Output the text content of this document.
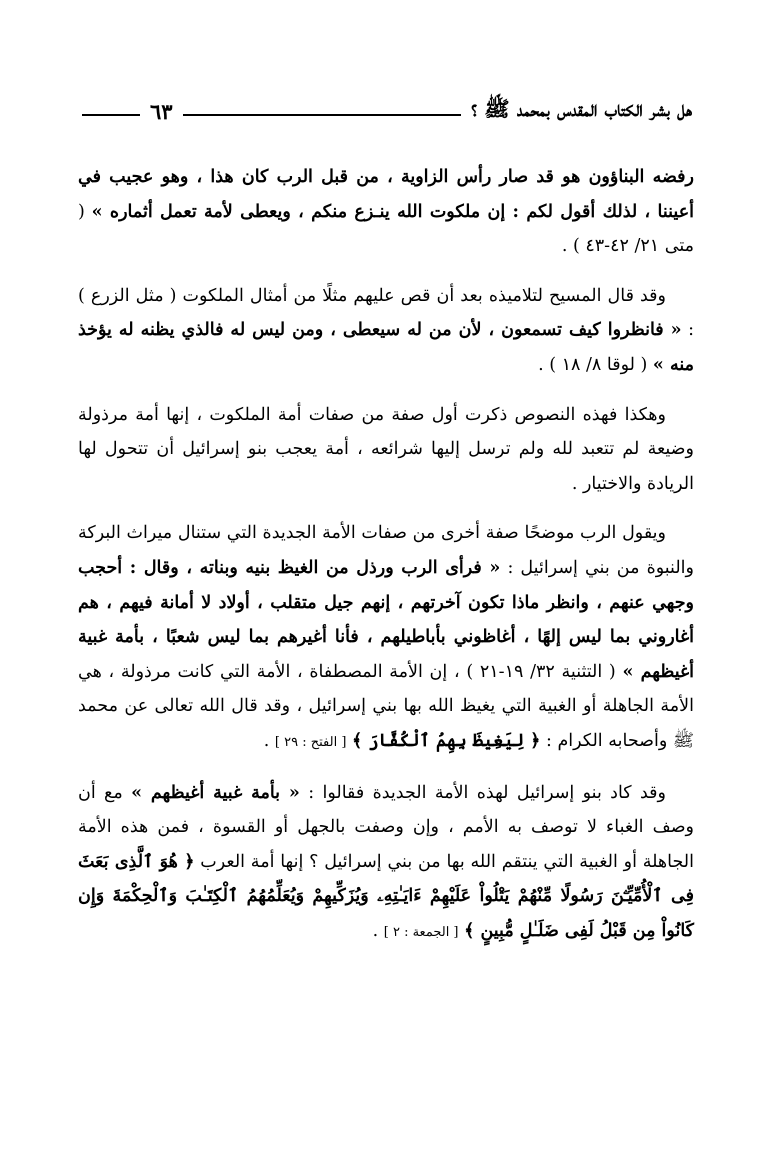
هل بشر الكتاب المقدس بمحمد ﷺ ؟
٦٣

رفضه البناؤون هو قد صار رأس الزاوية ، من قبل الرب كان هذا ، وهو عجيب في أعيننا ، لذلك أقول لكم : إن ملكوت الله ينـزع منكم ، ويعطى لأمة تعمل أثماره » ( متى ٢١/ ٤٢-٤٣ ) .

وقد قال المسيح لتلاميذه بعد أن قص عليهم مثلًا من أمثال الملكوت ( مثل الزرع ) : « فانظروا كيف تسمعون ، لأن من له سيعطى ، ومن ليس له فالذي يظنه له يؤخذ منه » ( لوقا ٨/ ١٨ ) .

وهكذا فهذه النصوص ذكرت أول صفة من صفات أمة الملكوت ، إنها أمة مرذولة وضيعة لم تتعبد لله ولم ترسل إليها شرائعه ، أمة يعجب بنو إسرائيل أن تتحول لها الريادة والاختيار .

ويقول الرب موضحًا صفة أخرى من صفات الأمة الجديدة التي ستنال ميراث البركة والنبوة من بني إسرائيل : « فرأى الرب ورذل من الغيظ بنيه وبناته ، وقال : أحجب وجهي عنهم ، وانظر ماذا تكون آخرتهم ، إنهم جيل متقلب ، أولاد لا أمانة فيهم ، هم أغاروني بما ليس إلهًا ، أغاظوني بأباطيلهم ، فأنا أغيرهم بما ليس شعبًا ، بأمة غبية أغيظهم » ( التثنية ٣٢/ ١٩-٢١ ) ، إن الأمة المصطفاة ، الأمة التي كانت مرذولة ، هي الأمة الجاهلة أو الغبية التي يغيظ الله بها بني إسرائيل ، وقد قال الله تعالى عن محمد ﷺ وأصحابه الكرام : ﴿ لِيَغِيظَ بِهِمُ ٱلْكُفَّارَ ﴾ [ الفتح : ٢٩ ] .

وقد كاد بنو إسرائيل لهذه الأمة الجديدة فقالوا : « بأمة غبية أغيظهم » مع أن وصف الغباء لا توصف به الأمم ، وإن وصفت بالجهل أو القسوة ، فمن هذه الأمة الجاهلة أو الغبية التي ينتقم الله بها من بني إسرائيل ؟ إنها أمة العرب ﴿ هُوَ ٱلَّذِى بَعَثَ فِى ٱلْأُمِّيِّـۧنَ رَسُولًا مِّنْهُمْ يَتْلُواْ عَلَيْهِمْ ءَايَـٰتِهِۦ وَيُزَكِّيهِمْ وَيُعَلِّمُهُمُ ٱلْكِتَـٰبَ وَٱلْحِكْمَةَ وَإِن كَانُواْ مِن قَبْلُ لَفِى ضَلَـٰلٍ مُّبِينٍ ﴾ [ الجمعة : ٢ ] .
